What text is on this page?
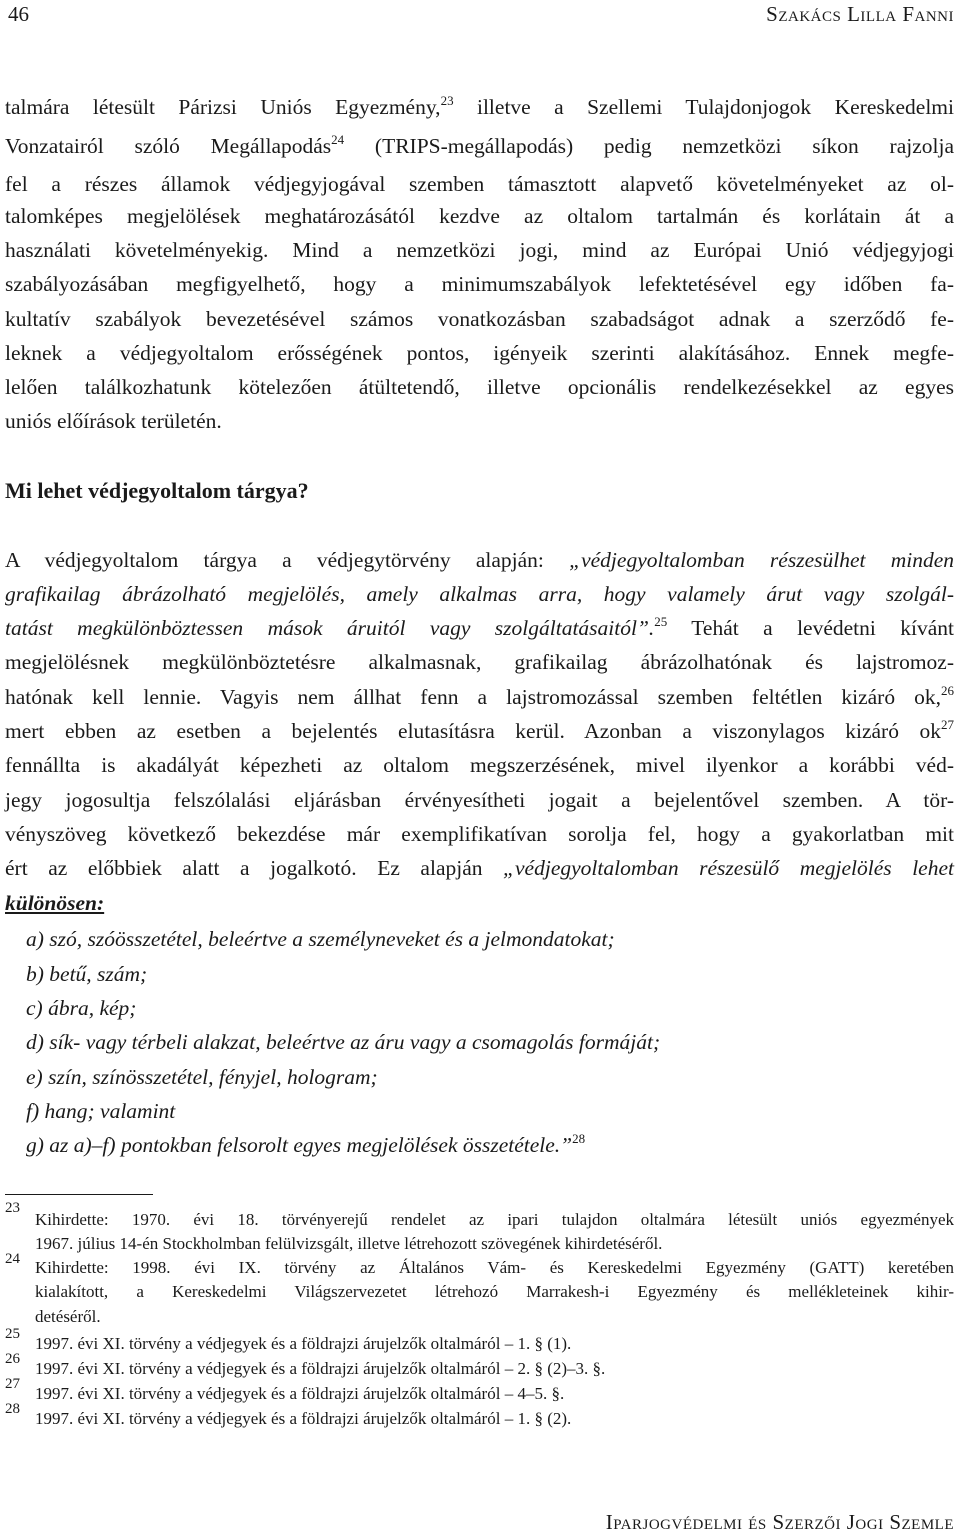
46	Szakács Lilla Fanni
talmára létesült Párizsi Uniós Egyezmény,$^{23}$ illetve a Szellemi Tulajdonjogok Kereskedelmi
Vonzatairól szóló Megállapodás$^{24}$ (TRIPS-megállapodás) pedig nemzetközi síkon rajzolja
fel a részes államok védjegyjogával szemben támasztott alapvető követelményeket az ol-
talomképes megjelölések meghatározásától kezdve az oltalom tartalmán és korlátain át a
használati követelményekig. Mind a nemzetközi jogi, mind az Európai Unió védjegyjogi
szabályozásában megfigyelhető, hogy a minimumszabályok lefektetésével egy időben fa-
kultatív szabályok bevezetésével számos vonatkozásban szabadságot adnak a szerződő fe-
leknek a védjegyoltalom erősségének pontos, igényeik szerinti alakításához. Ennek megfe-
lelően találkozhatunk kötelezően átültetendő, illetve opcionális rendelkezésekkel az egyes
uniós előírások területén.
Mi lehet védjegyoltalom tárgya?
A védjegyoltalom tárgya a védjegytörvény alapján: „védjegyoltalomban részesülhet minden
grafikailag ábrázolható megjelölés, amely alkalmas arra, hogy valamely árut vagy szolgál-
tatást megkülönböztessen mások áruitól vagy szolgáltatásaitól”.$^{25}$ Tehát a levédetni kívánt
megjelölésnek megkülönböztetésre alkalmasnak, grafikailag ábrázolhatónak és lajstromoz-
hatónak kell lennie. Vagyis nem állhat fenn a lajstromozással szemben feltétlen kizáró ok,$^{26}$
mert ebben az esetben a bejelentés elutasításra kerül. Azonban a viszonylagos kizáró $ok^{27}$
fennállta is akadályát képezheti az oltalom megszerzésének, mivel ilyenkor a korábbi véd-
jegy jogosultja felszólalási eljárásban érvényesítheti jogait a bejelentővel szemben. A tör-
vényszöveg következő bekezdése már exemplifikatívan sorolja fel, hogy a gyakorlatban mit
ért az előbbiek alatt a jogalkotó. Ez alapján „védjegyoltalomban részesülő megjelölés lehet
különösen:
a) szó, szóösszetétel, beleértve a személyneveket és a jelmondatokat;
b) betű, szám;
c) ábra, kép;
d) sík- vagy térbeli alakzat, beleértve az áru vagy a csomagolás formáját;
e) szín, színösszetétel, fényjel, hologram;
f) hang; valamint
g) az a)–f) pontokban felsorolt egyes megjelölések összetétele.”$^{28}$
23
Kihirdette: 1970. évi 18. törvényerejű rendelet az ipari tulajdon oltalmára létesült uniós egyezmények
1967. július 14-én Stockholmban felülvizsgált, illetve létrehozott szövegének kihirdetéséről.
24 Kihirdette: 1998. évi IX. törvény az Általános Vám- és Kereskedelmi Egyezmény (GATT) keretében
kialakított, a Kereskedelmi Világszervezetet létrehozó Marrakesh-i Egyezmény és mellékleteinek kihir-
detéséről.
25 1997. évi XI. törvény a védjegyek és a földrajzi árujelzők oltalmáról – 1. § (1).
26 1997. évi XI. törvény a védjegyek és a földrajzi árujelzők oltalmáról – 2. § (2)–3. §.
27 1997. évi XI. törvény a védjegyek és a földrajzi árujelzők oltalmáról – 4–5. §.
28 1997. évi XI. törvény a védjegyek és a földrajzi árujelzők oltalmáról – 1. § (2).
Iparjogvédelmi és Szerzői Jogi Szemle
